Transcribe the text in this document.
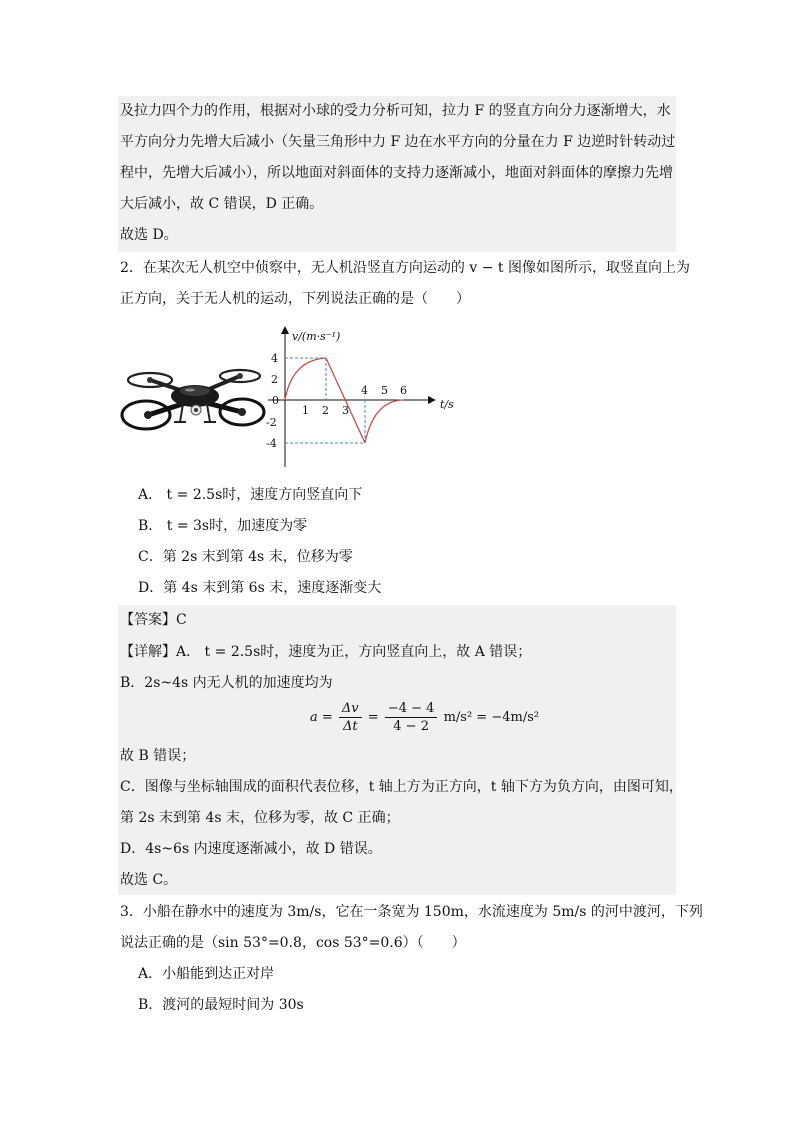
及拉力四个力的作用，根据对小球的受力分析可知，拉力 F 的竖直方向分力逐渐增大，水
平方向分力先增大后减小（矢量三角形中力 F 边在水平方向的分量在力 F 边逆时针转动过
程中，先增大后减小），所以地面对斜面体的支持力逐渐减小，地面对斜面体的摩擦力先增
大后减小，故 C 错误，D 正确。
故选 D。
2．在某次无人机空中侦察中，无人机沿竖直方向运动的 v − t 图像如图所示，取竖直向上为
正方向，关于无人机的运动，下列说法正确的是（　　）
v/(m·s⁻¹)
t/s
0
4
2
-2
-4
1 2 3
4 5 6
A． t = 2.5s时，速度方向竖直向下
B． t = 3s时，加速度为零
C．第 2s 末到第 4s 末，位移为零
D．第 4s 末到第 6s 末，速度逐渐变大
【答案】C
【详解】A． t = 2.5s时，速度为正，方向竖直向上，故 A 错误；
B．2s~4s 内无人机的加速度均为
$a = \frac{\Delta v}{\Delta t} = \frac{-4 - 4}{4 - 2} m/s^2 = -4m/s^2$
故 B 错误；
C．图像与坐标轴围成的面积代表位移，t 轴上方为正方向，t 轴下方为负方向，由图可知，
第 2s 末到第 4s 末，位移为零，故 C 正确；
D．4s~6s 内速度逐渐减小，故 D 错误。
故选 C。
3．小船在静水中的速度为 3m/s，它在一条宽为 150m，水流速度为 5m/s 的河中渡河，下列
说法正确的是（sin 53°=0.8，cos 53°=0.6）（　　）
A．小船能到达正对岸
B．渡河的最短时间为 30s
